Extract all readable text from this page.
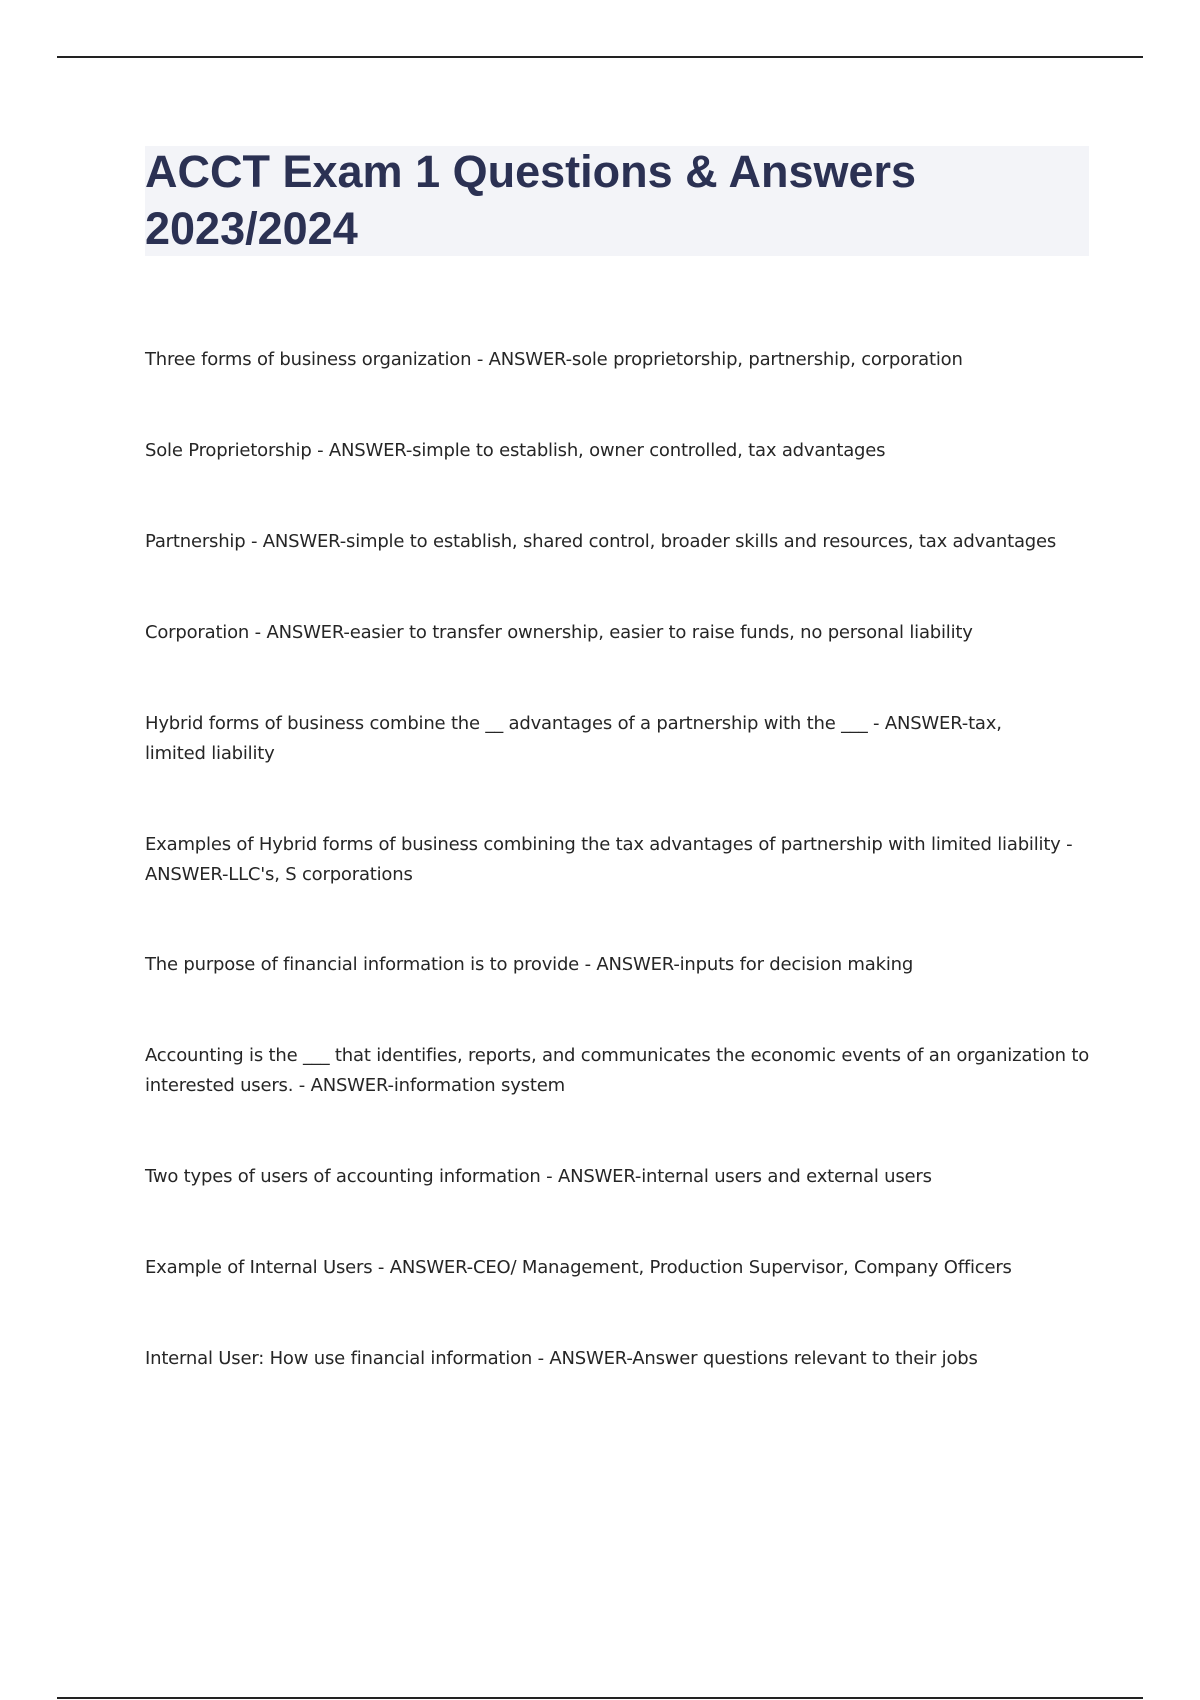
ACCT Exam 1 Questions & Answers 2023/2024
Three forms of business organization - ANSWER-sole proprietorship, partnership, corporation
Sole Proprietorship - ANSWER-simple to establish, owner controlled, tax advantages
Partnership - ANSWER-simple to establish, shared control, broader skills and resources, tax advantages
Corporation - ANSWER-easier to transfer ownership, easier to raise funds, no personal liability
Hybrid forms of business combine the __ advantages of a partnership with the ___ - ANSWER-tax, limited liability
Examples of Hybrid forms of business combining the tax advantages of partnership with limited liability - ANSWER-LLC's, S corporations
The purpose of financial information is to provide - ANSWER-inputs for decision making
Accounting is the ___ that identifies, reports, and communicates the economic events of an organization to interested users. - ANSWER-information system
Two types of users of accounting information - ANSWER-internal users and external users
Example of Internal Users - ANSWER-CEO/ Management, Production Supervisor, Company Officers
Internal User: How use financial information - ANSWER-Answer questions relevant to their jobs
